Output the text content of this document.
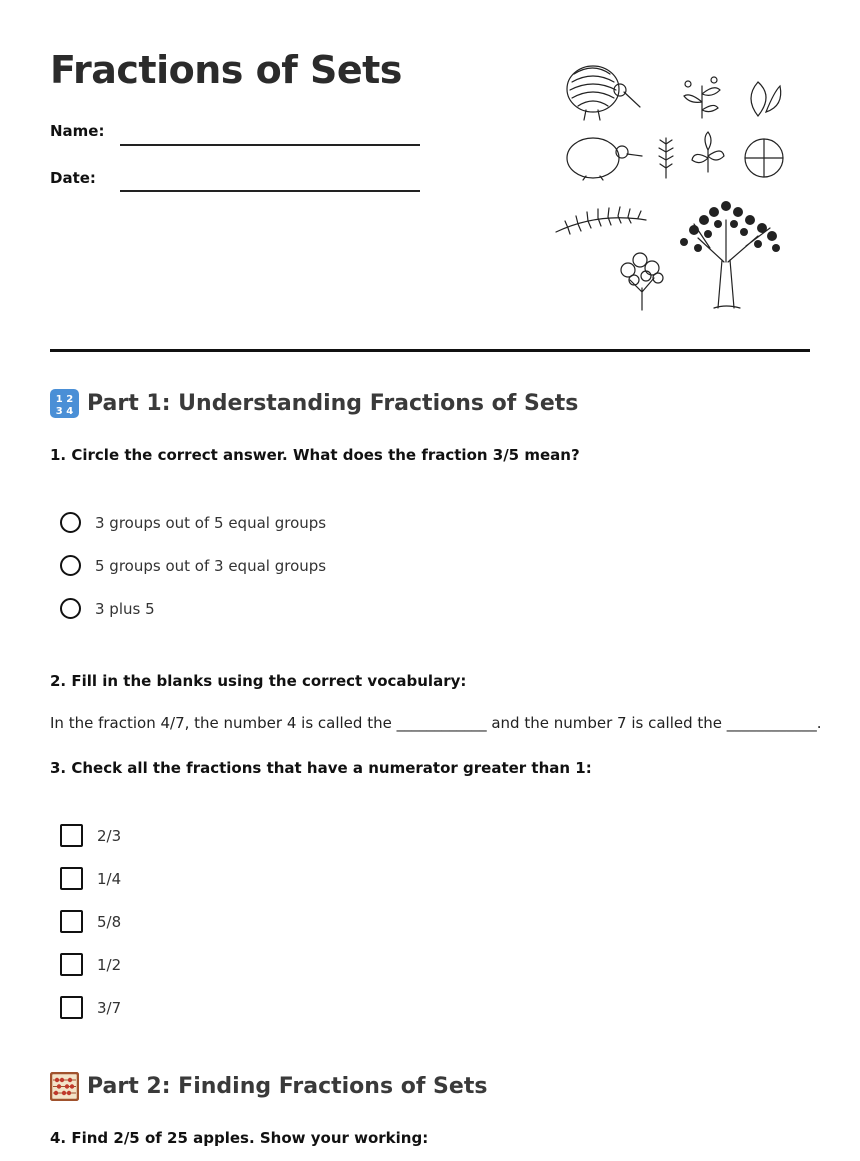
Fractions of Sets
Name:
Date:
1 2
3 4 Part 1: Understanding Fractions of Sets

1. Circle the correct answer. What does the fraction 3/5 mean?

3 groups out of 5 equal groups
5 groups out of 3 equal groups
3 plus 5

2. Fill in the blanks using the correct vocabulary:

In the fraction 4/7, the number 4 is called the ____________ and the number 7 is called the ____________.

3. Check all the fractions that have a numerator greater than 1:

2/3
1/4
5/8
1/2
3/7
Part 2: Finding Fractions of Sets

4. Find 2/5 of 25 apples. Show your working:
